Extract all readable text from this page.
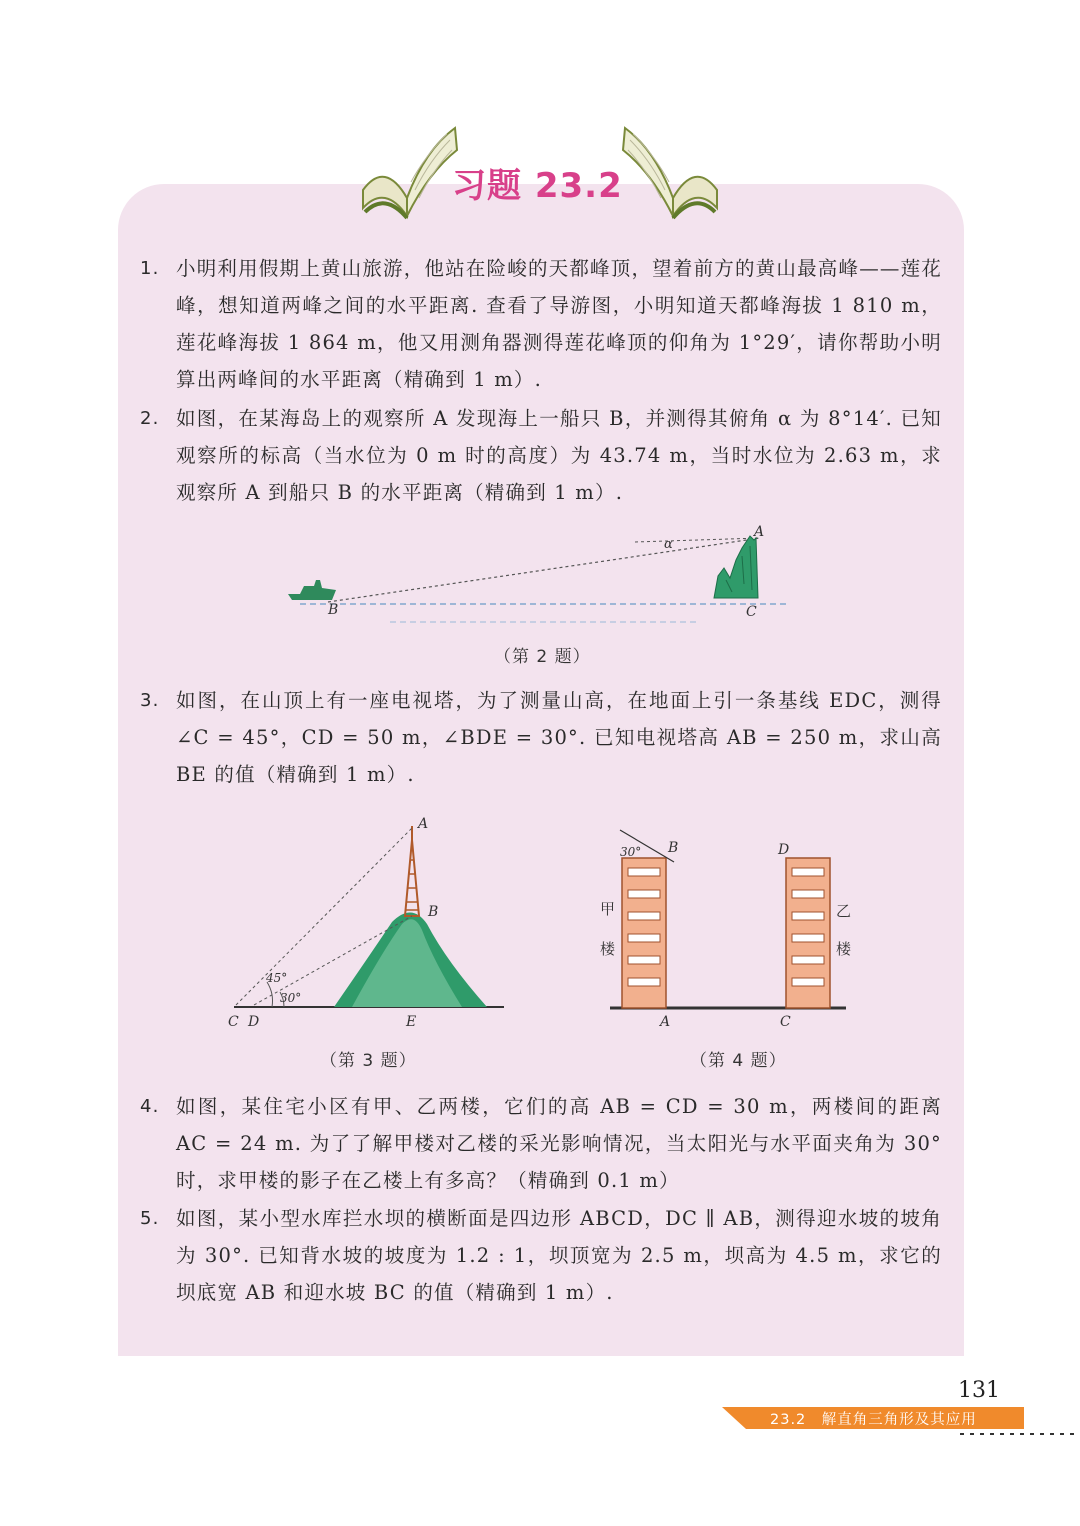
习题 23.2
1. 小明利用假期上黄山旅游，他站在险峻的天都峰顶，望着前方的黄山最高峰——莲花峰，想知道两峰之间的水平距离. 查看了导游图，小明知道天都峰海拔 1 810 m，莲花峰海拔 1 864 m，他又用测角器测得莲花峰顶的仰角为 1°29′，请你帮助小明算出两峰间的水平距离（精确到 1 m）.
2. 如图，在某海岛上的观察所 A 发现海上一船只 B，并测得其俯角 α 为 8°14′. 已知观察所的标高（当水位为 0 m 时的高度）为 43.74 m，当时水位为 2.63 m，求观察所 A 到船只 B 的水平距离（精确到 1 m）.
3. 如图，在山顶上有一座电视塔，为了测量山高，在地面上引一条基线 EDC，测得 ∠C = 45°，CD = 50 m，∠BDE = 30°. 已知电视塔高 AB = 250 m，求山高 BE 的值（精确到 1 m）.
4. 如图，某住宅小区有甲、乙两楼，它们的高 AB = CD = 30 m，两楼间的距离 AC = 24 m. 为了了解甲楼对乙楼的采光影响情况，当太阳光与水平面夹角为 30° 时，求甲楼的影子在乙楼上有多高？（精确到 0.1 m）
5. 如图，某小型水库拦水坝的横断面是四边形 ABCD，DC ∥ AB，测得迎水坡的坡角为 30°. 已知背水坡的坡度为 1.2 : 1，坝顶宽为 2.5 m，坝高为 4.5 m，求它的坝底宽 AB 和迎水坡 BC 的值（精确到 1 m）.
A
B	C
α
（第 2 题）
A
B
C D	E
45°
30°
（第 3 题）
30° B	D
A	C
甲
楼
乙
楼
（第 4 题）
131
23.2　解直角三角形及其应用
